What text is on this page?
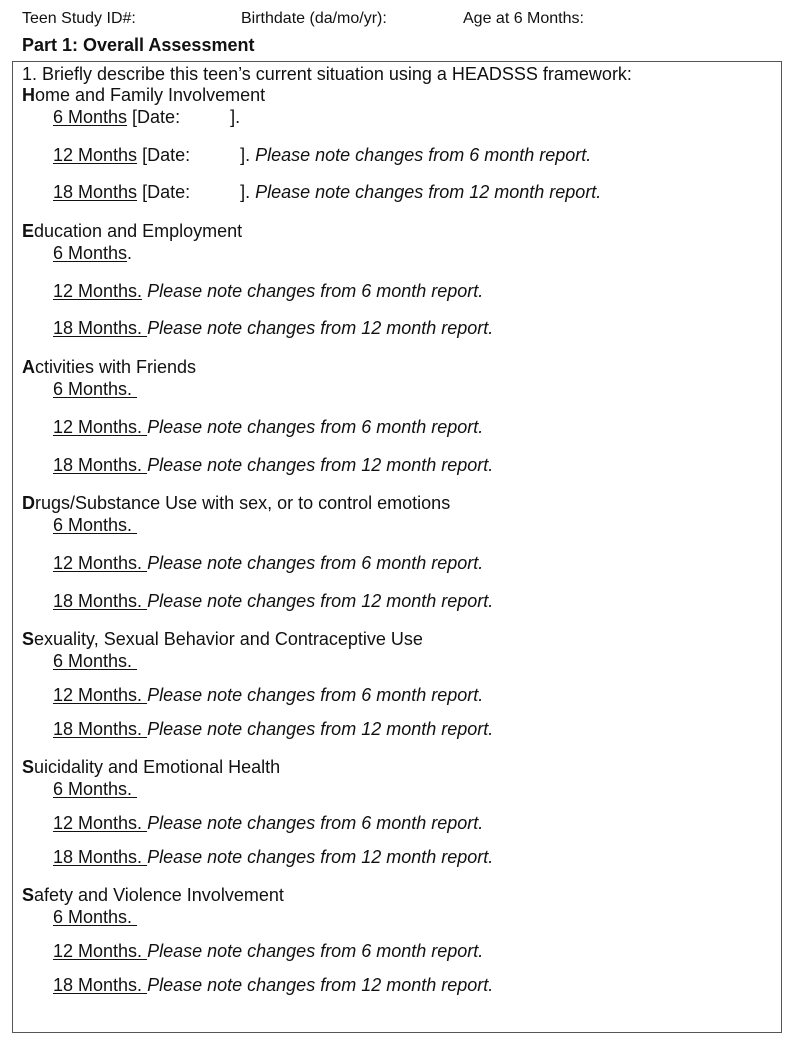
Teen Study ID#:	Birthdate (da/mo/yr):	Age at 6 Months:
Part 1: Overall Assessment
1. Briefly describe this teen’s current situation using a HEADSSS framework:
Home and Family Involvement
6 Months [Date:          ].
12 Months [Date:          ]. Please note changes from 6 month report.
18 Months [Date:          ]. Please note changes from 12 month report.
Education and Employment
6 Months.
12 Months. Please note changes from 6 month report.
18 Months. Please note changes from 12 month report.
Activities with Friends
6 Months.
12 Months. Please note changes from 6 month report.
18 Months. Please note changes from 12 month report.
Drugs/Substance Use with sex, or to control emotions
6 Months.
12 Months. Please note changes from 6 month report.
18 Months. Please note changes from 12 month report.
Sexuality, Sexual Behavior and Contraceptive Use
6 Months.
12 Months. Please note changes from 6 month report.
18 Months. Please note changes from 12 month report.
Suicidality and Emotional Health
6 Months.
12 Months. Please note changes from 6 month report.
18 Months. Please note changes from 12 month report.
Safety and Violence Involvement
6 Months.
12 Months. Please note changes from 6 month report.
18 Months. Please note changes from 12 month report.
